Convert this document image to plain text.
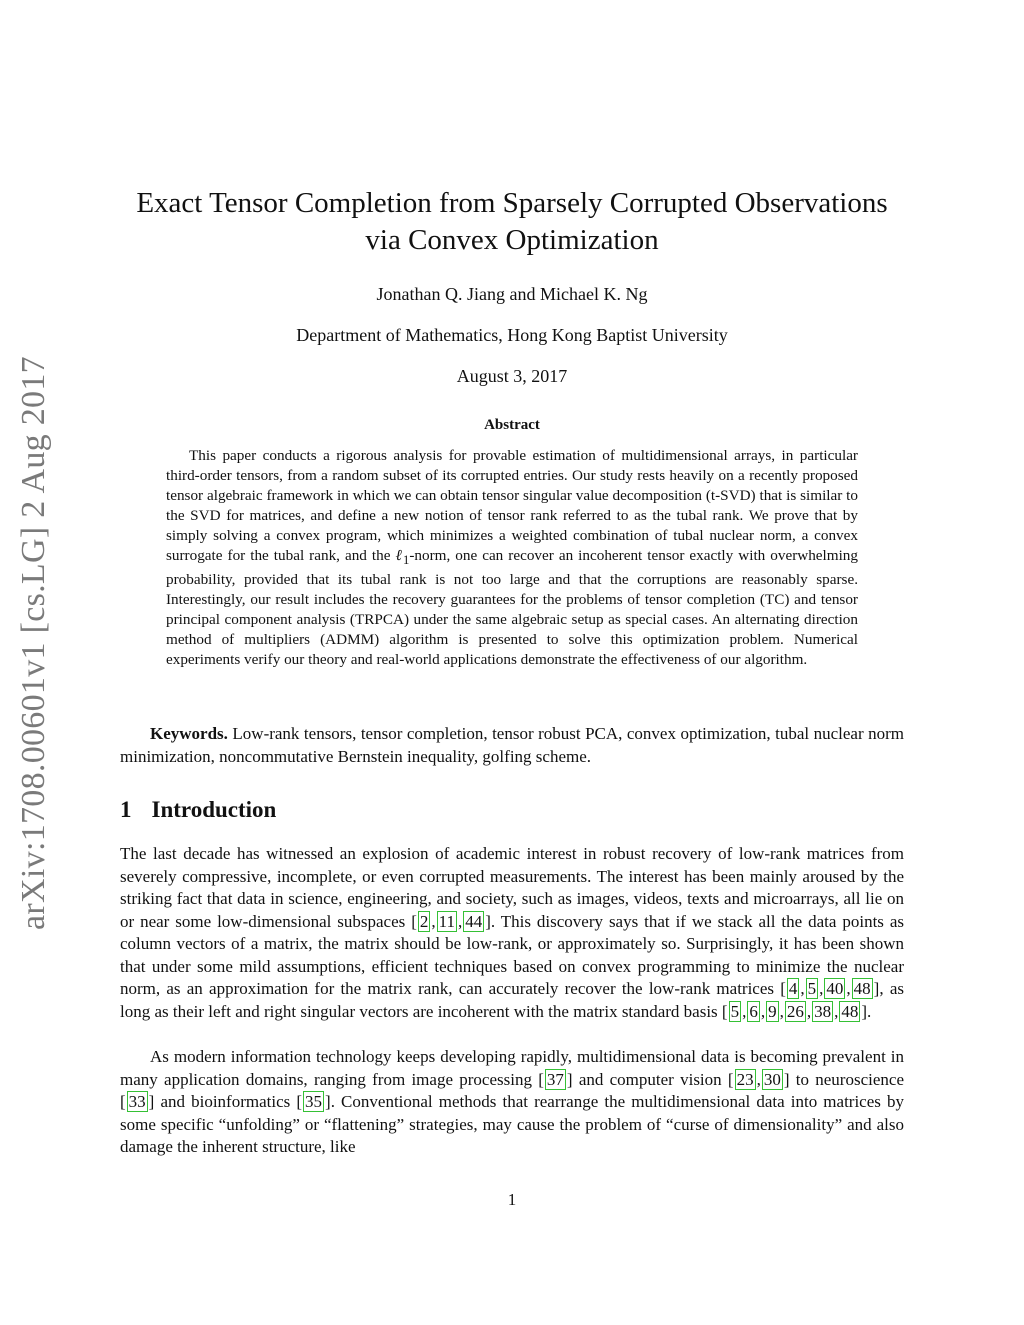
arXiv:1708.00601v1 [cs.LG] 2 Aug 2017
Exact Tensor Completion from Sparsely Corrupted Observations
via Convex Optimization
Jonathan Q. Jiang and Michael K. Ng
Department of Mathematics, Hong Kong Baptist University
August 3, 2017
Abstract

This paper conducts a rigorous analysis for provable estimation of multidimensional arrays, in particular third-order tensors, from a random subset of its corrupted entries. Our study rests heavily on a recently proposed tensor algebraic framework in which we can obtain tensor singular value decomposition (t-SVD) that is similar to the SVD for matrices, and define a new notion of tensor rank referred to as the tubal rank. We prove that by simply solving a convex program, which minimizes a weighted combination of tubal nuclear norm, a convex surrogate for the tubal rank, and the ℓ$_1$-norm, one can recover an incoherent tensor exactly with overwhelming probability, provided that its tubal rank is not too large and that the corruptions are reasonably sparse. Interestingly, our result includes the recovery guarantees for the problems of tensor completion (TC) and tensor principal component analysis (TRPCA) under the same algebraic setup as special cases. An alternating direction method of multipliers (ADMM) algorithm is presented to solve this optimization problem. Numerical experiments verify our theory and real-world applications demonstrate the effectiveness of our algorithm.

Keywords. Low-rank tensors, tensor completion, tensor robust PCA, convex optimization, tubal nuclear norm minimization, noncommutative Bernstein inequality, golfing scheme.

1 Introduction

The last decade has witnessed an explosion of academic interest in robust recovery of low-rank matrices from severely compressive, incomplete, or even corrupted measurements. The interest has been mainly aroused by the striking fact that data in science, engineering, and society, such as images, videos, texts and microarrays, all lie on or near some low-dimensional subspaces [ 2 , 11 , 44 ]. This discovery says that if we stack all the data points as column vectors of a matrix, the matrix should be low-rank, or approximately so. Surprisingly, it has been shown that under some mild assumptions, efficient techniques based on convex programming to minimize the nuclear norm, as an approximation for the matrix rank, can accurately recover the low-rank matrices [ 4 , 5 , 40 , 48 ], as long as their left and right singular vectors are incoherent with the matrix standard basis [ 5 , 6 , 9 , 26 , 38 , 48 ].

As modern information technology keeps developing rapidly, multidimensional data is becoming prevalent in many application domains, ranging from image processing [ 37 ] and computer vision [ 23 , 30 ] to neuroscience [ 33 ] and bioinformatics [ 35 ]. Conventional methods that rearrange the multidimensional data into matrices by some specific “unfolding” or “flattening” strategies, may cause the problem of “curse of dimensionality” and also damage the inherent structure, like

1
